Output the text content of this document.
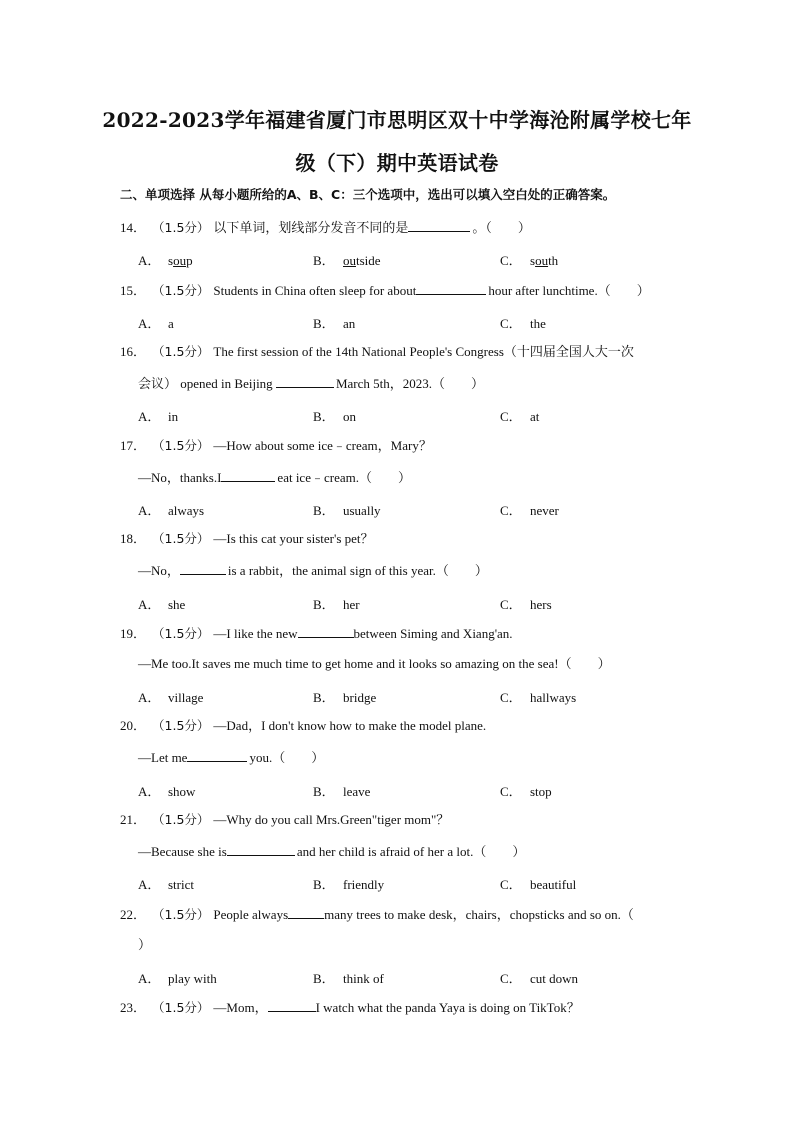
2022-2023学年福建省厦门市思明区双十中学海沧附属学校七年
级（下）期中英语试卷
二、单项选择 从每小题所给的A、B、C：三个选项中，选出可以填入空白处的正确答案。
14． （1.5分）以下单词，划线部分发音不同的是	。（　　）
A． soup	B． outside	C． south
15． （1.5分）Students in China often sleep for about	hour after lunchtime.（　　）
A． a	B． an	C． the
16． （1.5分）The first session of the 14th National People's Congress（十四届全国人大一次
会议） opened in Beijing	March 5th，2023.（　　）
A． in	B． on	C． at
17． （1.5分） —How about some ice﹣cream，Mary？
—No，thanks.I	eat ice﹣cream.（　　）
A． always	B． usually	C． never
18． （1.5分） —Is this cat your sister's pet？
—No，	is a rabbit，the animal sign of this year.（　　）
A． she	B． her	C． hers
19． （1.5分） —I like the new	between Siming and Xiang'an.
—Me too.It saves me much time to get home and it looks so amazing on the sea!（　　）
A． village	B． bridge	C． hallways
20． （1.5分） —Dad，I don't know how to make the model plane.
—Let me	you.（　　）
A． show	B． leave	C． stop
21． （1.5分） —Why do you call Mrs.Green"tiger mom"？
—Because she is	and her child is afraid of her a lot.（　　）
A． strict	B． friendly	C． beautiful
22． （1.5分）People always	many trees to make desk，chairs，chopsticks and so on.（
）
A． play with	B． think of	C． cut down
23． （1.5分） —Mom，	I watch what the panda Yaya is doing on TikTok？
